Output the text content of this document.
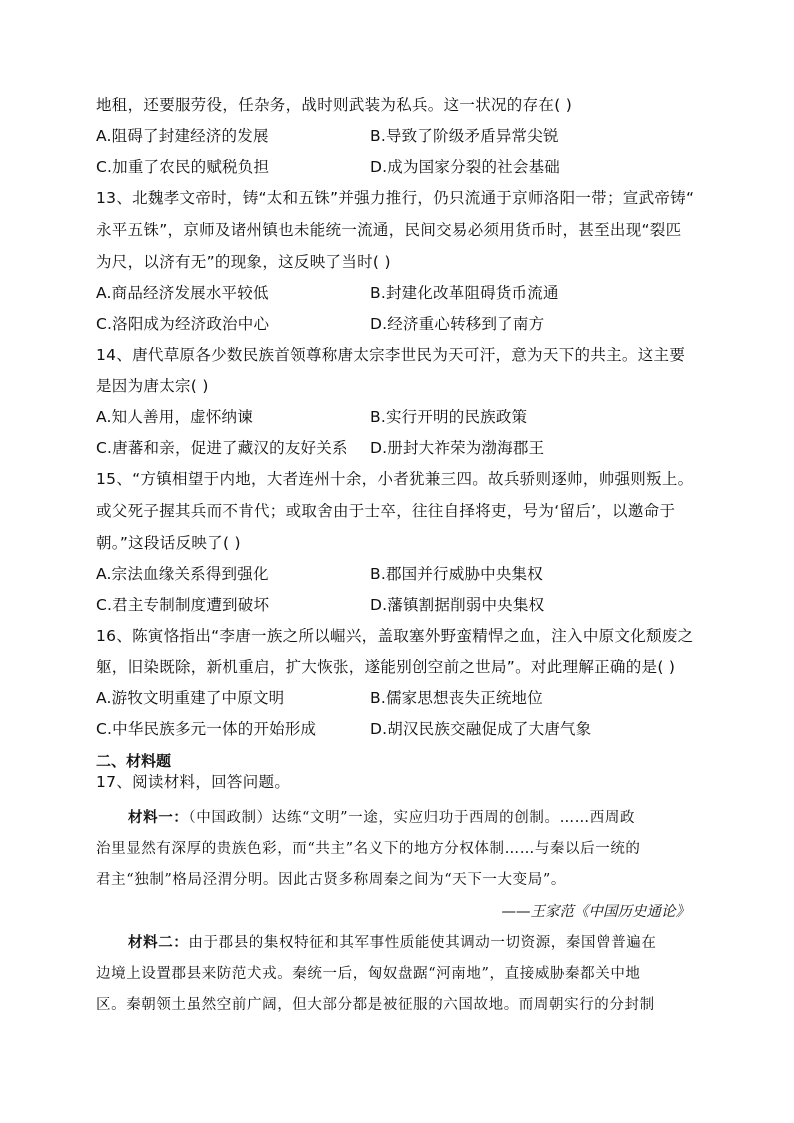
地租，还要服劳役，任杂务，战时则武装为私兵。这一状况的存在( )
A.阻碍了封建经济的发展	B.导致了阶级矛盾异常尖锐
C.加重了农民的赋税负担	D.成为国家分裂的社会基础
13、北魏孝文帝时，铸“太和五铢”并强力推行，仍只流通于京师洛阳一带；宣武帝铸“
永平五铢”，京师及诸州镇也未能统一流通，民间交易必须用货币时，甚至出现“裂匹
为尺，以济有无”的现象，这反映了当时( )
A.商品经济发展水平较低	B.封建化改革阻碍货币流通
C.洛阳成为经济政治中心	D.经济重心转移到了南方
14、唐代草原各少数民族首领尊称唐太宗李世民为天可汗，意为天下的共主。这主要
是因为唐太宗( )
A.知人善用，虚怀纳谏	B.实行开明的民族政策
C.唐蕃和亲，促进了藏汉的友好关系 D.册封大祚荣为渤海郡王
15、“方镇相望于内地，大者连州十余，小者犹兼三四。故兵骄则逐帅，帅强则叛上。
或父死子握其兵而不肯代；或取舍由于士卒，往往自择将吏，号为‘留后’，以邀命于
朝。”这段话反映了( )
A.宗法血缘关系得到强化	B.郡国并行威胁中央集权
C.君主专制制度遭到破坏	D.藩镇割据削弱中央集权
16、陈寅恪指出“李唐一族之所以崛兴，盖取塞外野蛮精悍之血，注入中原文化颓废之
躯，旧染既除，新机重启，扩大恢张，遂能别创空前之世局”。对此理解正确的是( )
A.游牧文明重建了中原文明	B.儒家思想丧失正统地位
C.中华民族多元一体的开始形成	D.胡汉民族交融促成了大唐气象
二、材料题
17、阅读材料，回答问题。
材料一：（中国政制）达练“文明”一途，实应归功于西周的创制。……西周政
治里显然有深厚的贵族色彩，而“共主”名义下的地方分权体制……与秦以后一统的
君主“独制”格局泾渭分明。因此古贤多称周秦之间为“天下一大变局”。
——王家范《中国历史通论》
材料二：由于郡县的集权特征和其军事性质能使其调动一切资源，秦国曾普遍在
边境上设置郡县来防范犬戎。秦统一后，匈奴盘踞“河南地”，直接威胁秦都关中地
区。秦朝领土虽然空前广阔，但大部分都是被征服的六国故地。而周朝实行的分封制
